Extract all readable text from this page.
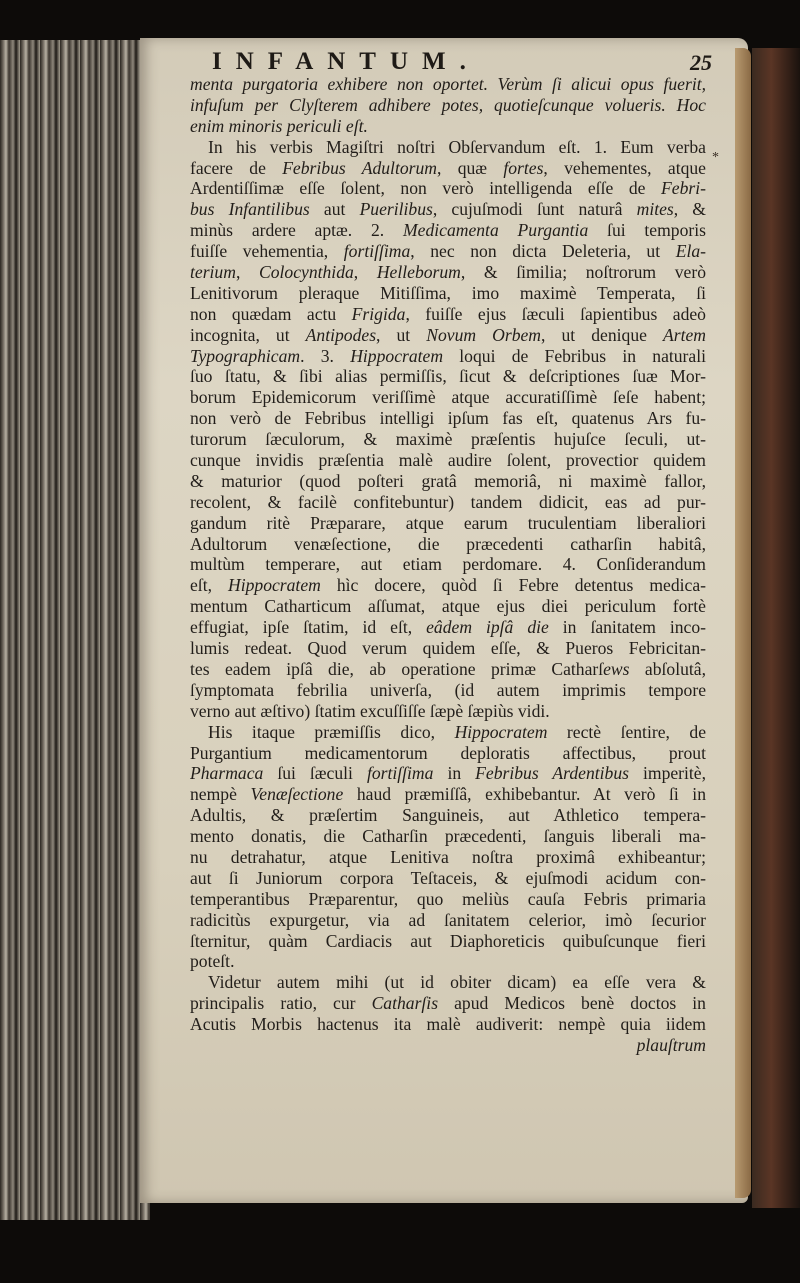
INFANTUM.	25
*
menta purgatoria exhibere non oportet. Verùm ſi alicui opus fuerit,
infuſum per Clyſterem adhibere potes, quotieſcunque volueris. Hoc
enim minoris periculi eſt.
In his verbis Magiſtri noſtri Obſervandum eſt. 1. Eum verba
facere de Febribus Adultorum, quæ fortes, vehementes, atque
Ardentiſſimæ eſſe ſolent, non verò intelligenda eſſe de Febri-
bus Infantilibus aut Puerilibus, cujuſmodi ſunt naturâ mites, &
minùs ardere aptæ. 2. Medicamenta Purgantia ſui temporis
fuiſſe vehementia, fortiſſima, nec non dicta Deleteria, ut Ela-
terium, Colocynthida, Helleborum, & ſimilia; noſtrorum verò
Lenitivorum pleraque Mitiſſima, imo maximè Temperata, ſi
non quædam actu Frigida, fuiſſe ejus ſæculi ſapientibus adeò
incognita, ut Antipodes, ut Novum Orbem, ut denique Artem
Typographicam. 3. Hippocratem loqui de Febribus in naturali
ſuo ſtatu, & ſibi alias permiſſis, ſicut & deſcriptiones ſuæ Mor-
borum Epidemicorum veriſſimè atque accuratiſſimè ſeſe habent;
non verò de Febribus intelligi ipſum fas eſt, quatenus Ars fu-
turorum ſæculorum, & maximè præſentis hujuſce ſeculi, ut-
cunque invidis præſentia malè audire ſolent, provectior quidem
& maturior (quod poſteri gratâ memoriâ, ni maximè fallor,
recolent, & facilè confitebuntur) tandem didicit, eas ad pur-
gandum ritè Præparare, atque earum truculentiam liberaliori
Adultorum venæſectione, die præcedenti catharſin habitâ,
multùm temperare, aut etiam perdomare. 4. Conſiderandum
eſt, Hippocratem hìc docere, quòd ſi Febre detentus medica-
mentum Catharticum aſſumat, atque ejus diei periculum fortè
effugiat, ipſe ſtatim, id eſt, eâdem ipſâ die in ſanitatem inco-
lumis redeat. Quod verum quidem eſſe, & Pueros Febricitan-
tes eadem ipſâ die, ab operatione primæ Catharſews abſolutâ,
ſymptomata febrilia univerſa, (id autem imprimis tempore
verno aut æſtivo) ſtatim excuſſiſſe ſæpè ſæpiùs vidi.
His itaque præmiſſis dico, Hippocratem rectè ſentire, de
Purgantium medicamentorum deploratis affectibus, prout
Pharmaca ſui ſæculi fortiſſima in Febribus Ardentibus imperitè,
nempè Venæſectione haud præmiſſâ, exhibebantur. At verò ſi in
Adultis, & præſertim Sanguineis, aut Athletico tempera-
mento donatis, die Catharſin præcedenti, ſanguis liberali ma-
nu detrahatur, atque Lenitiva noſtra proximâ exhibeantur;
aut ſi Juniorum corpora Teſtaceis, & ejuſmodi acidum con-
temperantibus Præparentur, quo meliùs cauſa Febris primaria
radicitùs expurgetur, via ad ſanitatem celerior, imò ſecurior
ſternitur, quàm Cardiacis aut Diaphoreticis quibuſcunque fieri
poteſt.
Videtur autem mihi (ut id obiter dicam) ea eſſe vera &
principalis ratio, cur Catharſis apud Medicos benè doctos in
Acutis Morbis hactenus ita malè audiverit: nempè quia iidem
plauſtrum
